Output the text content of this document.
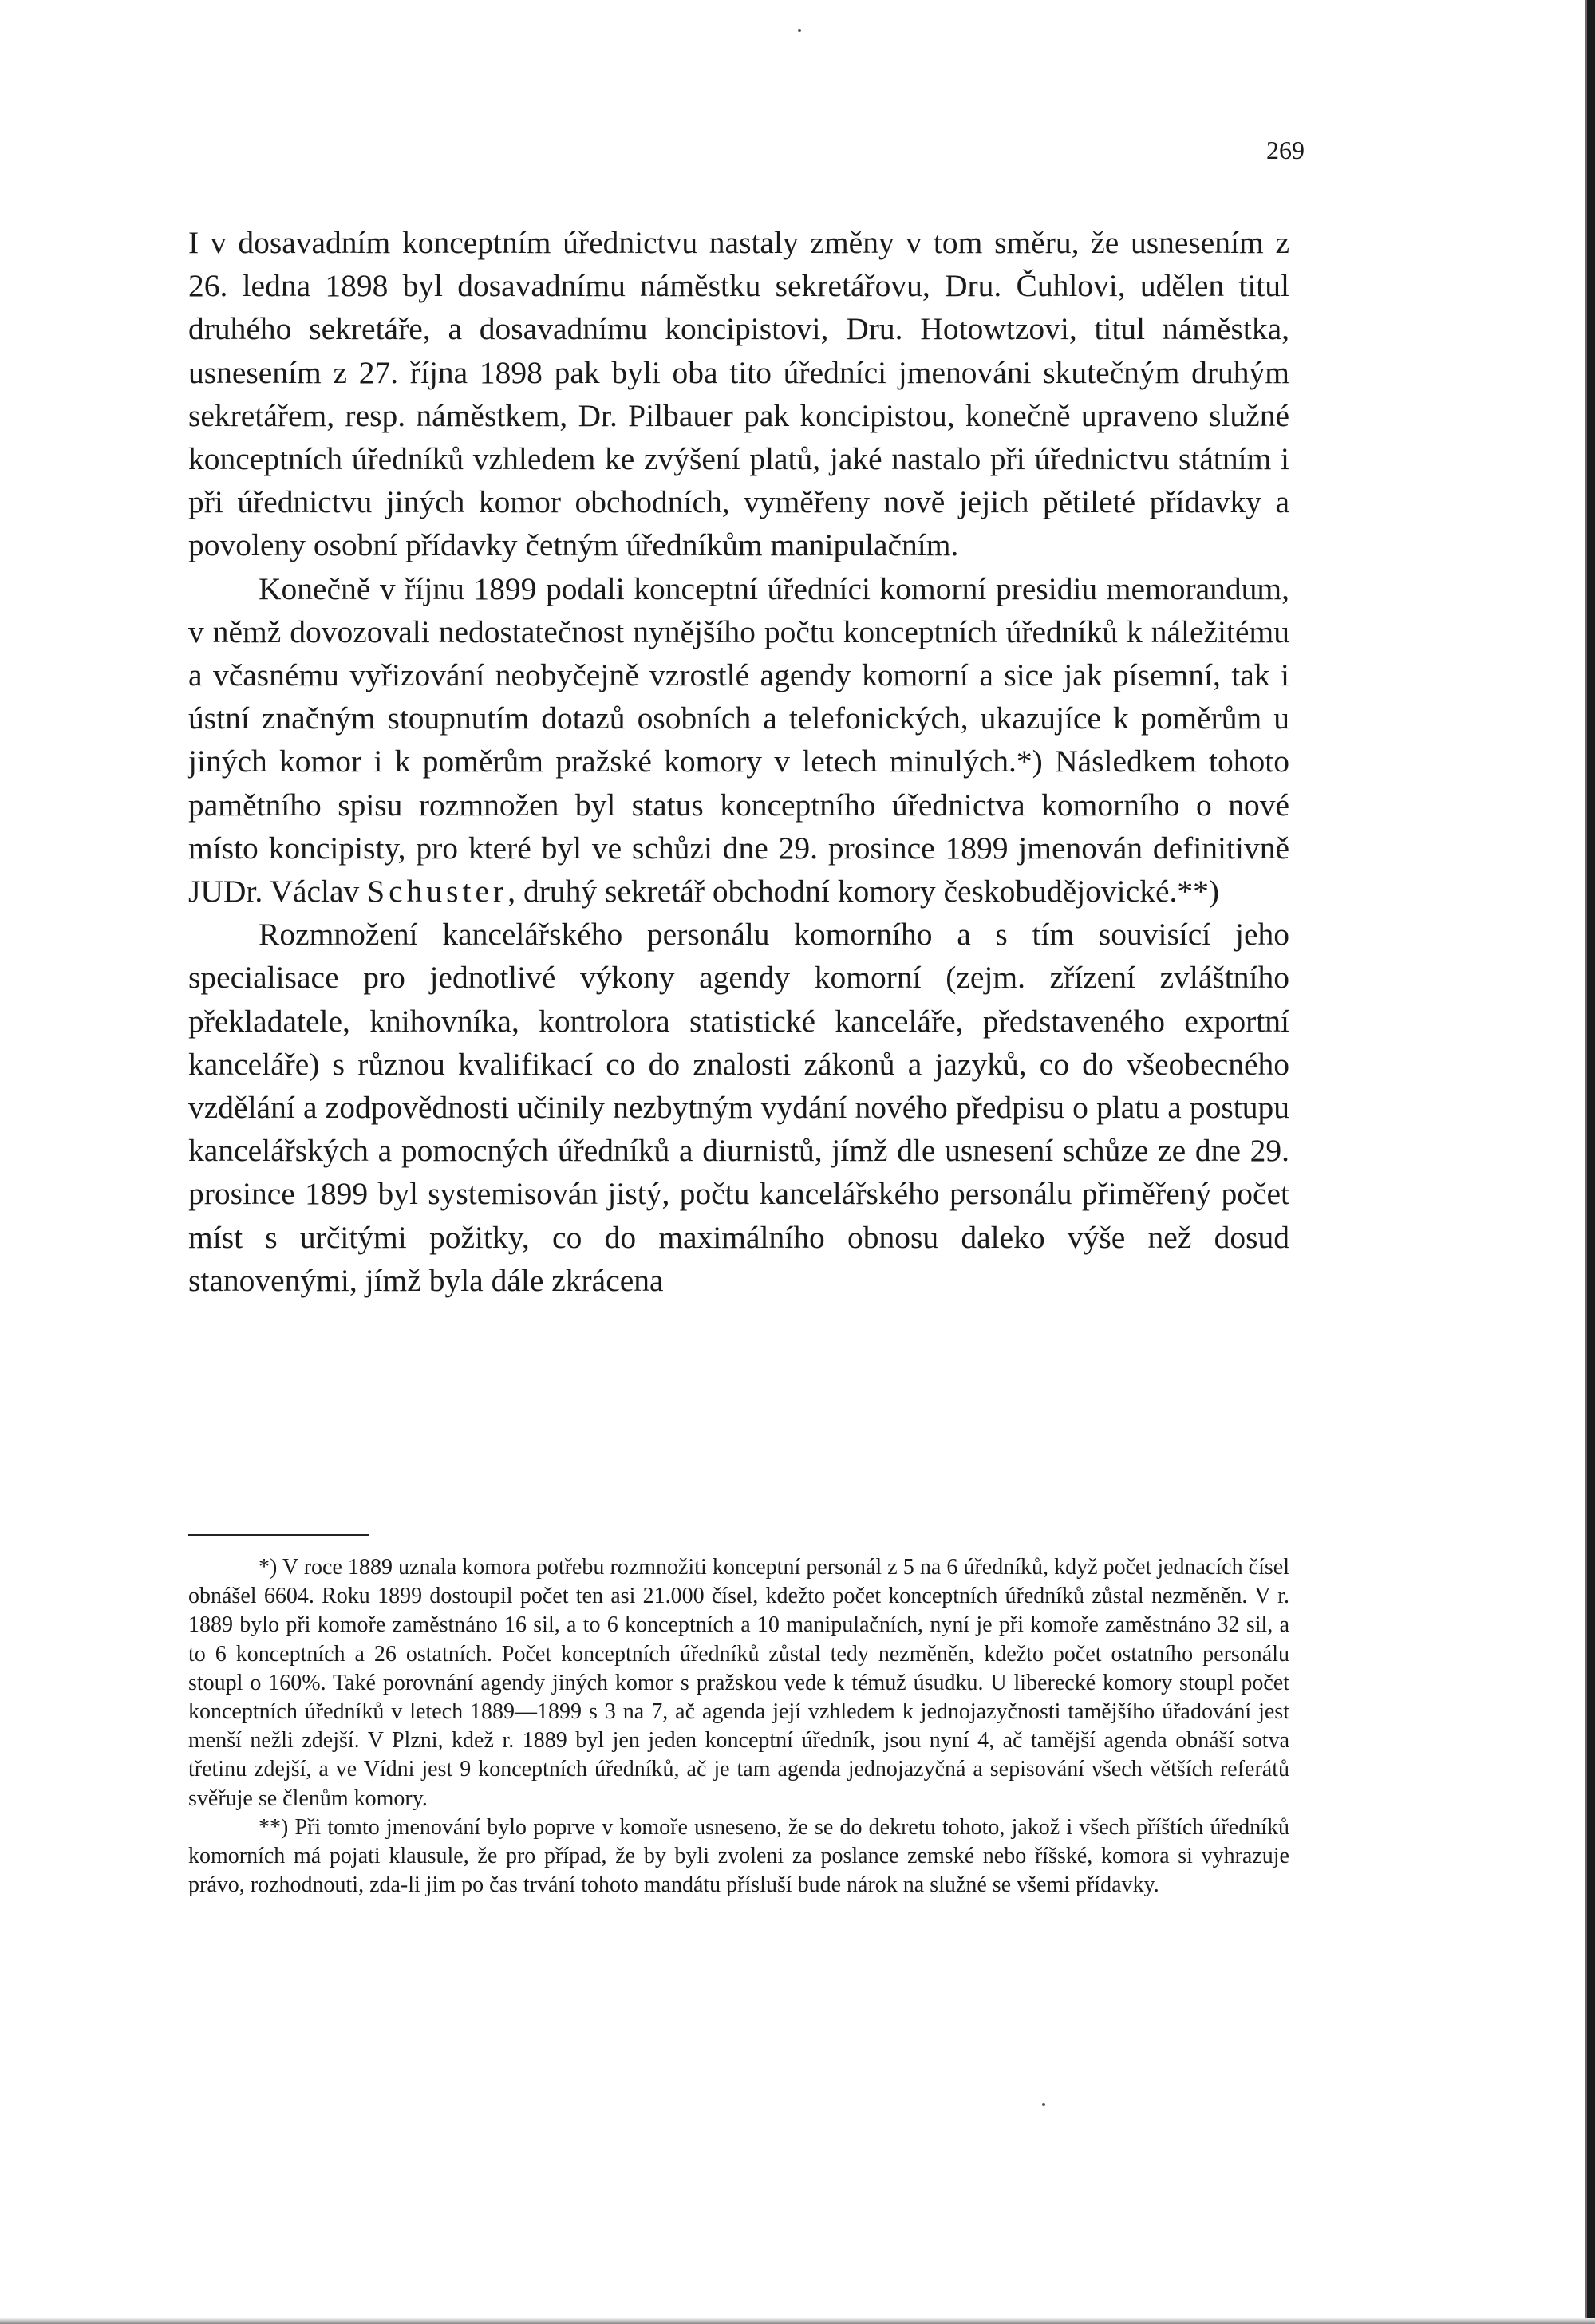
269

I v dosavadním konceptním úřednictvu nastaly změny v tom směru, že usnesením z 26. ledna 1898 byl dosavadnímu náměstku sekretářovu, Dru. Čuhlovi, udělen titul druhého sekretáře, a dosavadnímu koncipistovi, Dru. Hotowtzovi, titul náměstka, usnesením z 27. října 1898 pak byli oba tito úředníci jmenováni skutečným druhým sekretářem, resp. náměstkem, Dr. Pilbauer pak koncipistou, konečně upraveno služné konceptních úředníků vzhledem ke zvýšení platů, jaké nastalo při úřednictvu státním i při úřednictvu jiných komor obchodních, vyměřeny nově jejich pětileté přídavky a povoleny osobní přídavky četným úředníkům manipulačním.

Konečně v říjnu 1899 podali konceptní úředníci komorní presidiu memorandum, v němž dovozovali nedostatečnost nynějšího počtu konceptních úředníků k náležitému a včasnému vyřizování neobyčejně vzrostlé agendy komorní a sice jak písemní, tak i ústní značným stoupnutím dotazů osobních a telefonických, ukazujíce k poměrům u jiných komor i k poměrům pražské komory v letech minulých.*) Následkem tohoto pamětního spisu rozmnožen byl status konceptního úřednictva komorního o nové místo koncipisty, pro které byl ve schůzi dne 29. prosince 1899 jmenován definitivně JUDr. Václav Schuster, druhý sekretář obchodní komory českobudějovické.**)

Rozmnožení kancelářského personálu komorního a s tím souvisící jeho specialisace pro jednotlivé výkony agendy komorní (zejm. zřízení zvláštního překladatele, knihovníka, kontrolora statistické kanceláře, představeného exportní kanceláře) s různou kvalifikací co do znalosti zákonů a jazyků, co do všeobecného vzdělání a zodpovědnosti učinily nezbytným vydání nového předpisu o platu a postupu kancelářských a pomocných úředníků a diurnistů, jímž dle usnesení schůze ze dne 29. prosince 1899 byl systemisován jistý, počtu kancelářského personálu přiměřený počet míst s určitými požitky, co do maximálního obnosu daleko výše než dosud stanovenými, jímž byla dále zkrácena

*) V roce 1889 uznala komora potřebu rozmnožiti konceptní personál z 5 na 6 úředníků, když počet jednacích čísel obnášel 6604. Roku 1899 dostoupil počet ten asi 21.000 čísel, kdežto počet konceptních úředníků zůstal nezměněn. V r. 1889 bylo při komoře zaměstnáno 16 sil, a to 6 konceptních a 10 manipulačních, nyní je při komoře zaměstnáno 32 sil, a to 6 konceptních a 26 ostatních. Počet konceptních úředníků zůstal tedy nezměněn, kdežto počet ostatního personálu stoupl o 160%. Také porovnání agendy jiných komor s pražskou vede k témuž úsudku. U liberecké komory stoupl počet konceptních úředníků v letech 1889—1899 s 3 na 7, ač agenda její vzhledem k jednojazyčnosti tamějšího úřadování jest menší nežli zdejší. V Plzni, kdež r. 1889 byl jen jeden konceptní úředník, jsou nyní 4, ač tamější agenda obnáší sotva třetinu zdejší, a ve Vídni jest 9 konceptních úředníků, ač je tam agenda jednojazyčná a sepisování všech větších referátů svěřuje se členům komory.

**) Při tomto jmenování bylo poprve v komoře usneseno, že se do dekretu tohoto, jakož i všech příštích úředníků komorních má pojati klausule, že pro případ, že by byli zvoleni za poslance zemské nebo říšské, komora si vyhrazuje právo, rozhodnouti, zda-li jim po čas trvání tohoto mandátu přísluší bude nárok na služné se všemi přídavky.
